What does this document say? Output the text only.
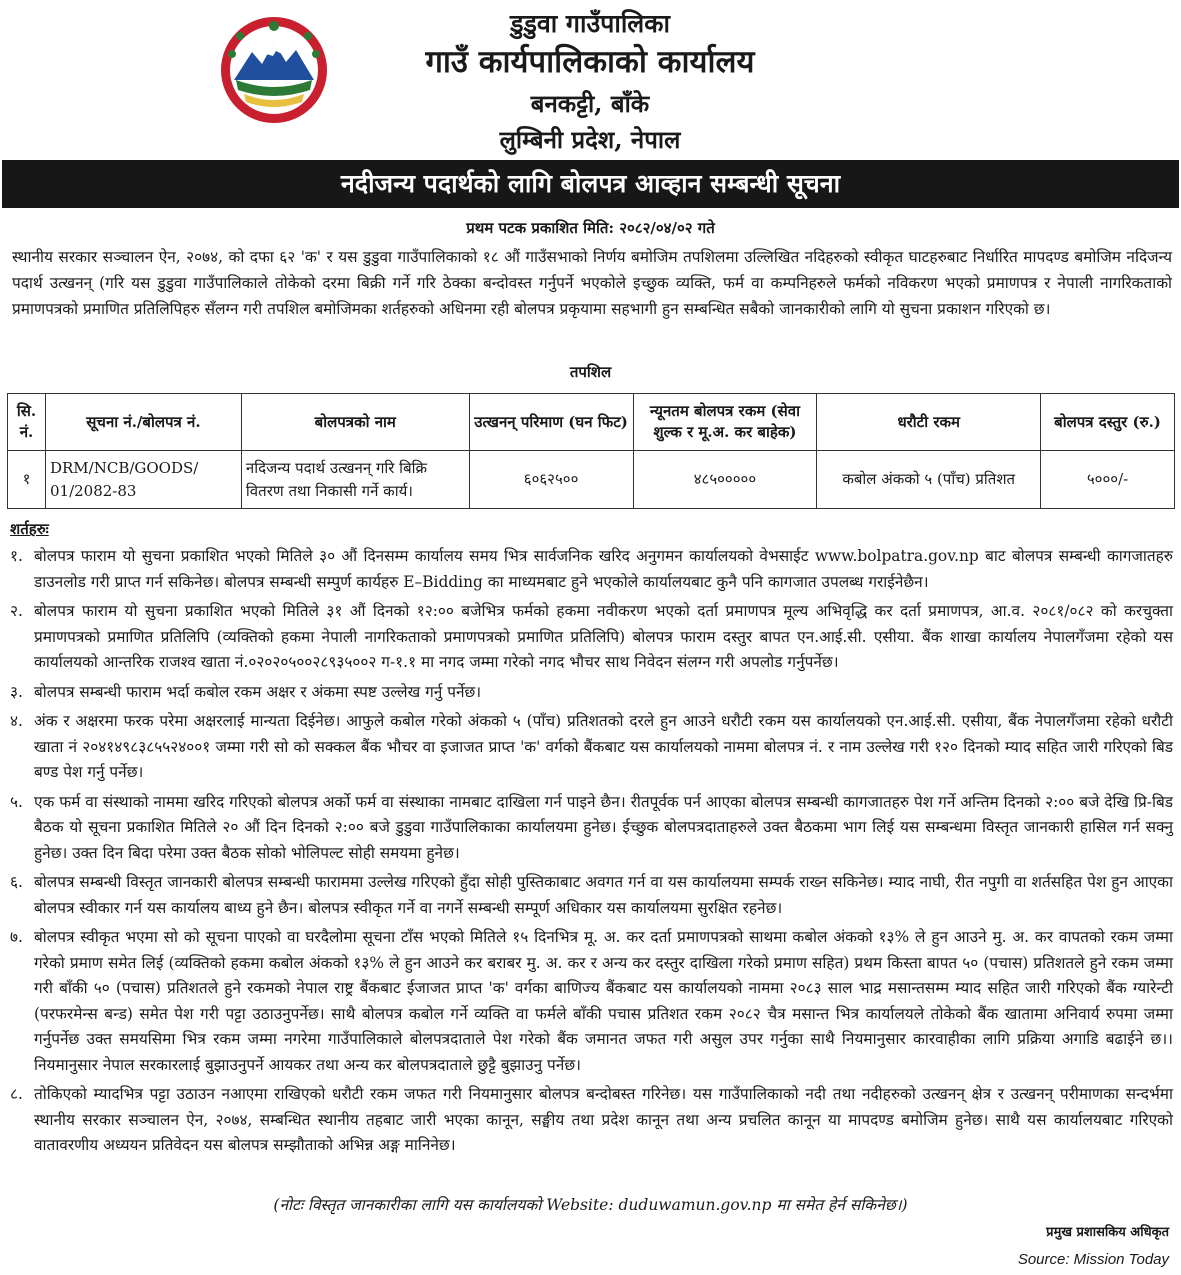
डुडुवा गाउँपालिका
गाउँ कार्यपालिकाको कार्यालय
बनकट्टी, बाँके
लुम्बिनी प्रदेश, नेपाल
नदीजन्य पदार्थको लागि बोलपत्र आव्हान सम्बन्धी सूचना
प्रथम पटक प्रकाशित मिति: २०८२/०४/०२ गते

स्थानीय सरकार सञ्चालन ऐन, २०७४, को दफा ६२ 'क' र यस डुडुवा गाउँपालिकाको १८ औं गाउँसभाको निर्णय बमोजिम तपशिलमा उल्लिखित नदिहरुको स्वीकृत घाटहरुबाट निर्धारित मापदण्ड बमोजिम नदिजन्य पदार्थ उत्खनन् (गरि यस डुडुवा गाउँपालिकाले तोकेको दरमा बिक्री गर्ने गरि ठेक्का बन्दोवस्त गर्नुपर्ने भएकोले इच्छुक व्यक्ति, फर्म वा कम्पनिहरुले फर्मको नविकरण भएको प्रमाणपत्र र नेपाली नागरिकताको प्रमाणपत्रको प्रमाणित प्रतिलिपिहरु सँलग्न गरी तपशिल बमोजिमका शर्तहरुको अधिनमा रही बोलपत्र प्रकृयामा सहभागी हुन सम्बन्धित सबैको जानकारीको लागि यो सुचना प्रकाशन गरिएको छ।

तपशिल
सि. नं.	सूचना नं./बोलपत्र नं.	बोलपत्रको नाम	उत्खनन् परिमाण (घन फिट)	न्यूनतम बोलपत्र रकम (सेवा शुल्क र मू.अ. कर बाहेक)	धरौटी रकम	बोलपत्र दस्तुर (रु.)
१	DRM/NCB/GOODS/ 01/2082-83	नदिजन्य पदार्थ उत्खनन् गरि बिक्रि वितरण तथा निकासी गर्ने कार्य।	६०६२५००	४८५०००००	कबोल अंकको ५ (पाँच) प्रतिशत	५०००/-
शर्तहरुः
१. बोलपत्र फाराम यो सुचना प्रकाशित भएको मितिले ३० औं दिनसम्म कार्यालय समय भित्र सार्वजनिक खरिद अनुगमन कार्यालयको वेभसाईट www.bolpatra.gov.np बाट बोलपत्र सम्बन्धी कागजातहरु डाउनलोड गरी प्राप्त गर्न सकिनेछ। बोलपत्र सम्बन्धी सम्पुर्ण कार्यहरु E–Bidding का माध्यमबाट हुने भएकोले कार्यालयबाट कुनै पनि कागजात उपलब्ध गराईनेछैन।
२. बोलपत्र फाराम यो सुचना प्रकाशित भएको मितिले ३१ औं दिनको १२:०० बजेभित्र फर्मको हकमा नवीकरण भएको दर्ता प्रमाणपत्र मूल्य अभिवृद्धि कर दर्ता प्रमाणपत्र, आ.व. २०८१/०८२ को करचुक्ता प्रमाणपत्रको प्रमाणित प्रतिलिपि (व्यक्तिको हकमा नेपाली नागरिकताको प्रमाणपत्रको प्रमाणित प्रतिलिपि) बोलपत्र फाराम दस्तुर बापत एन.आई.सी. एसीया. बैंक शाखा कार्यालय नेपालगँजमा रहेको यस कार्यालयको आन्तरिक राजश्व खाता नं.०२०२०५००२८९३५००२ ग-१.१ मा नगद जम्मा गरेको नगद भौचर साथ निवेदन संलग्न गरी अपलोड गर्नुपर्नेछ।
३. बोलपत्र सम्बन्धी फाराम भर्दा कबोल रकम अक्षर र अंकमा स्पष्ट उल्लेख गर्नु पर्नेछ।
४. अंक र अक्षरमा फरक परेमा अक्षरलाई मान्यता दिईनेछ। आफुले कबोल गरेको अंकको ५ (पाँच) प्रतिशतको दरले हुन आउने धरौटी रकम यस कार्यालयको एन.आई.सी. एसीया, बैंक नेपालगँजमा रहेको धरौटी खाता नं २०४१४९८३८५५२४००१ जम्मा गरी सो को सक्कल बैंक भौचर वा इजाजत प्राप्त 'क' वर्गको बैंकबाट यस कार्यालयको नाममा बोलपत्र नं. र नाम उल्लेख गरी १२० दिनको म्याद सहित जारी गरिएको बिड बण्ड पेश गर्नु पर्नेछ।
५. एक फर्म वा संस्थाको नाममा खरिद गरिएको बोलपत्र अर्को फर्म वा संस्थाका नामबाट दाखिला गर्न पाइने छैन। रीतपूर्वक पर्न आएका बोलपत्र सम्बन्धी कागजातहरु पेश गर्ने अन्तिम दिनको २:०० बजे देखि प्रि-बिड बैठक यो सूचना प्रकाशित मितिले २० औं दिन दिनको २:०० बजे डुडुवा गाउँपालिकाका कार्यालयमा हुनेछ। ईच्छुक बोलपत्रदाताहरुले उक्त बैठकमा भाग लिई यस सम्बन्धमा विस्तृत जानकारी हासिल गर्न सक्नु हुनेछ। उक्त दिन बिदा परेमा उक्त बैठक सोको भोलिपल्ट सोही समयमा हुनेछ।
६. बोलपत्र सम्बन्धी विस्तृत जानकारी बोलपत्र सम्बन्धी फाराममा उल्लेख गरिएको हुँदा सोही पुस्तिकाबाट अवगत गर्न वा यस कार्यालयमा सम्पर्क राख्न सकिनेछ। म्याद नाघी, रीत नपुगी वा शर्तसहित पेश हुन आएका बोलपत्र स्वीकार गर्न यस कार्यालय बाध्य हुने छैन। बोलपत्र स्वीकृत गर्ने वा नगर्ने सम्बन्धी सम्पूर्ण अधिकार यस कार्यालयमा सुरक्षित रहनेछ।
७. बोलपत्र स्वीकृत भएमा सो को सूचना पाएको वा घरदैलोमा सूचना टाँस भएको मितिले १५ दिनभित्र मू. अ. कर दर्ता प्रमाणपत्रको साथमा कबोल अंकको १३% ले हुन आउने मु. अ. कर वापतको रकम जम्मा गरेको प्रमाण समेत लिई (व्यक्तिको हकमा कबोल अंकको १३% ले हुन आउने कर बराबर मु. अ. कर र अन्य कर दस्तुर दाखिला गरेको प्रमाण सहित) प्रथम किस्ता बापत ५० (पचास) प्रतिशतले हुने रकम जम्मा गरी बाँकी ५० (पचास) प्रतिशतले हुने रकमको नेपाल राष्ट्र बैंकबाट ईजाजत प्राप्त 'क' वर्गका बाणिज्य बैंकबाट यस कार्यालयको नाममा २०८३ साल भाद्र मसान्तसम्म म्याद सहित जारी गरिएको बैंक ग्यारेन्टी (परफरमेन्स बन्ड) समेत पेश गरी पट्टा उठाउनुपर्नेछ। साथै बोलपत्र कबोल गर्ने व्यक्ति वा फर्मले बाँकी पचास प्रतिशत रकम २०८२ चैत्र मसान्त भित्र कार्यालयले तोकेको बैंक खातामा अनिवार्य रुपमा जम्मा गर्नुपर्नेछ उक्त समयसिमा भित्र रकम जम्मा नगरेमा गाउँपालिकाले बोलपत्रदाताले पेश गरेको बैंक जमानत जफत गरी असुल उपर गर्नुका साथै नियमानुसार कारवाहीका लागि प्रक्रिया अगाडि बढाईने छ।। नियमानुसार नेपाल सरकारलाई बुझाउनुपर्ने आयकर तथा अन्य कर बोलपत्रदाताले छुट्टै बुझाउनु पर्नेछ।
८. तोकिएको म्यादभित्र पट्टा उठाउन नआएमा राखिएको धरौटी रकम जफत गरी नियमानुसार बोलपत्र बन्दोबस्त गरिनेछ। यस गाउँपालिकाको नदी तथा नदीहरुको उत्खनन् क्षेत्र र उत्खनन् परीमाणका सन्दर्भमा स्थानीय सरकार सञ्चालन ऐन, २०७४, सम्बन्धित स्थानीय तहबाट जारी भएका कानून, सङ्घीय तथा प्रदेश कानून तथा अन्य प्रचलित कानून या मापदण्ड बमोजिम हुनेछ। साथै यस कार्यालयबाट गरिएको वातावरणीय अध्ययन प्रतिवेदन यस बोलपत्र सम्झौताको अभिन्न अङ्ग मानिनेछ।
(नोटः विस्तृत जानकारीका लागि यस कार्यालयको Website: duduwamun.gov.np मा समेत हेर्न सकिनेछ।)
प्रमुख प्रशासकिय अधिकृत
Source: Mission Today
